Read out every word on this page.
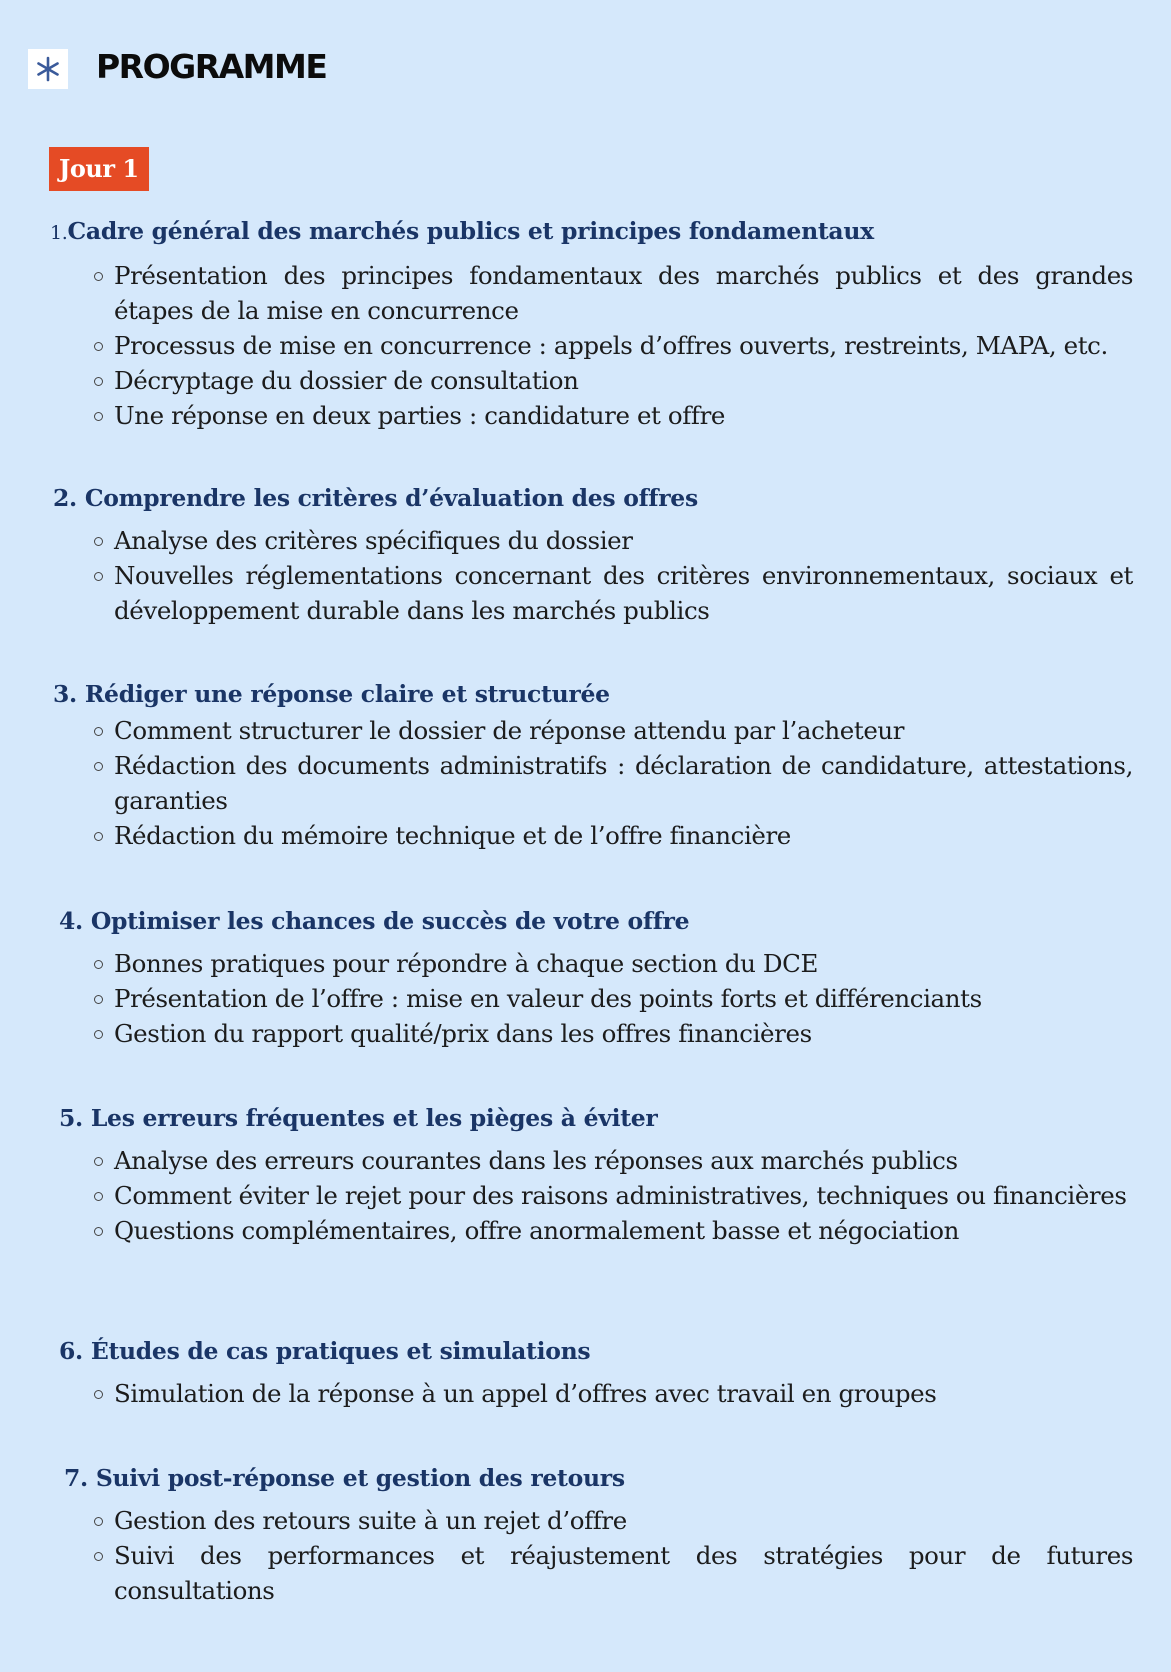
PROGRAMME
Jour 1
1.Cadre général des marchés publics et principes fondamentaux
Présentation des principes fondamentaux des marchés publics et des grandes étapes de la mise en concurrence
Processus de mise en concurrence : appels d’offres ouverts, restreints, MAPA, etc.
Décryptage du dossier de consultation
Une réponse en deux parties : candidature et offre
2. Comprendre les critères d’évaluation des offres
Analyse des critères spécifiques du dossier
Nouvelles réglementations concernant des critères environnementaux, sociaux et développement durable dans les marchés publics
3. Rédiger une réponse claire et structurée
Comment structurer le dossier de réponse attendu par l’acheteur
Rédaction des documents administratifs : déclaration de candidature, attestations, garanties
Rédaction du mémoire technique et de l’offre financière
4. Optimiser les chances de succès de votre offre
Bonnes pratiques pour répondre à chaque section du DCE
Présentation de l’offre : mise en valeur des points forts et différenciants
Gestion du rapport qualité/prix dans les offres financières
5. Les erreurs fréquentes et les pièges à éviter
Analyse des erreurs courantes dans les réponses aux marchés publics
Comment éviter le rejet pour des raisons administratives, techniques ou financières
Questions complémentaires, offre anormalement basse et négociation
6. Études de cas pratiques et simulations
Simulation de la réponse à un appel d’offres avec travail en groupes
7. Suivi post-réponse et gestion des retours
Gestion des retours suite à un rejet d’offre
Suivi des performances et réajustement des stratégies pour de futures consultations
